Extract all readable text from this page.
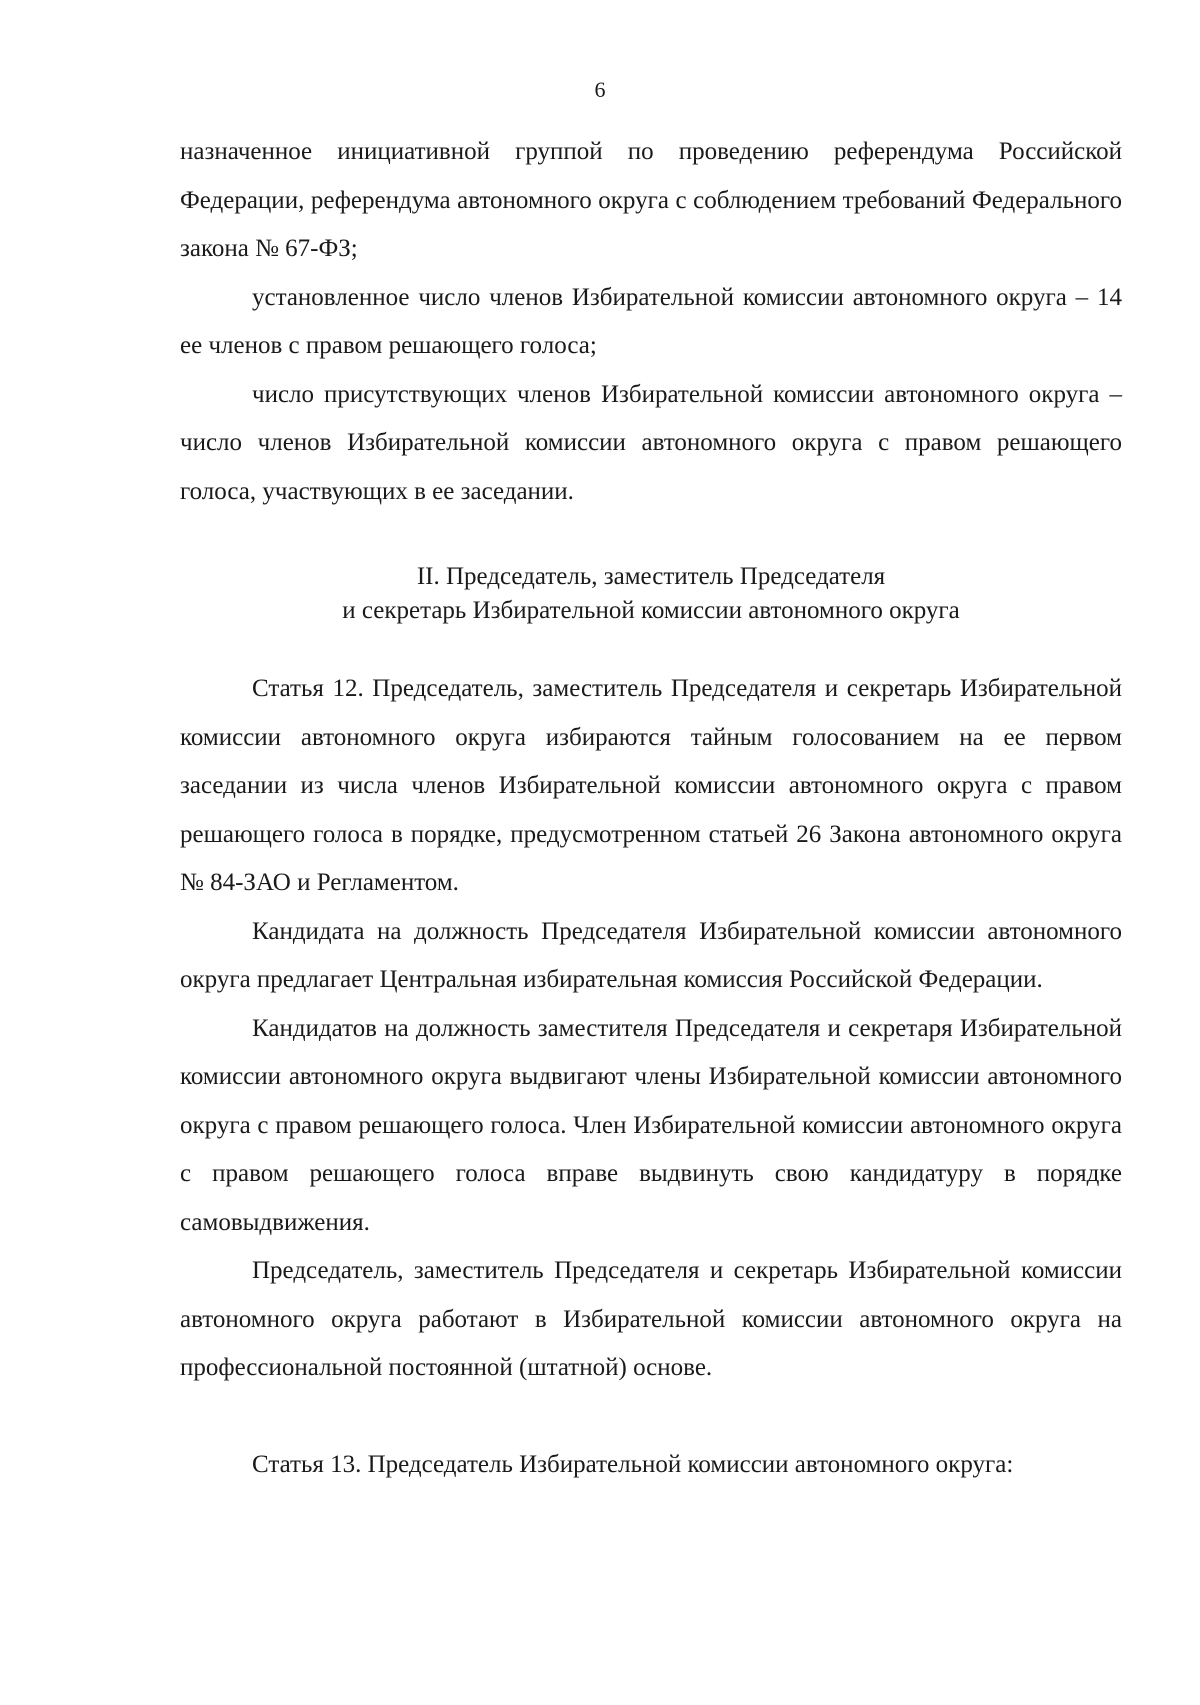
6

назначенное инициативной группой по проведению референдума Российской Федерации, референдума автономного округа с соблюдением требований Федерального закона № 67-ФЗ;

установленное число членов Избирательной комиссии автономного округа – 14 ее членов с правом решающего голоса;

число присутствующих членов Избирательной комиссии автономного округа – число членов Избирательной комиссии автономного округа с правом решающего голоса, участвующих в ее заседании.

II. Председатель, заместитель Председателя
и секретарь Избирательной комиссии автономного округа

Статья 12. Председатель, заместитель Председателя и секретарь Избирательной комиссии автономного округа избираются тайным голосованием на ее первом заседании из числа членов Избирательной комиссии автономного округа с правом решающего голоса в порядке, предусмотренном статьей 26 Закона автономного округа № 84-ЗАО и Регламентом.

Кандидата на должность Председателя Избирательной комиссии автономного округа предлагает Центральная избирательная комиссия Российской Федерации.

Кандидатов на должность заместителя Председателя и секретаря Избирательной комиссии автономного округа выдвигают члены Избирательной комиссии автономного округа с правом решающего голоса. Член Избирательной комиссии автономного округа с правом решающего голоса вправе выдвинуть свою кандидатуру в порядке самовыдвижения.

Председатель, заместитель Председателя и секретарь Избирательной комиссии автономного округа работают в Избирательной комиссии автономного округа на профессиональной постоянной (штатной) основе.

Статья 13. Председатель Избирательной комиссии автономного округа:
